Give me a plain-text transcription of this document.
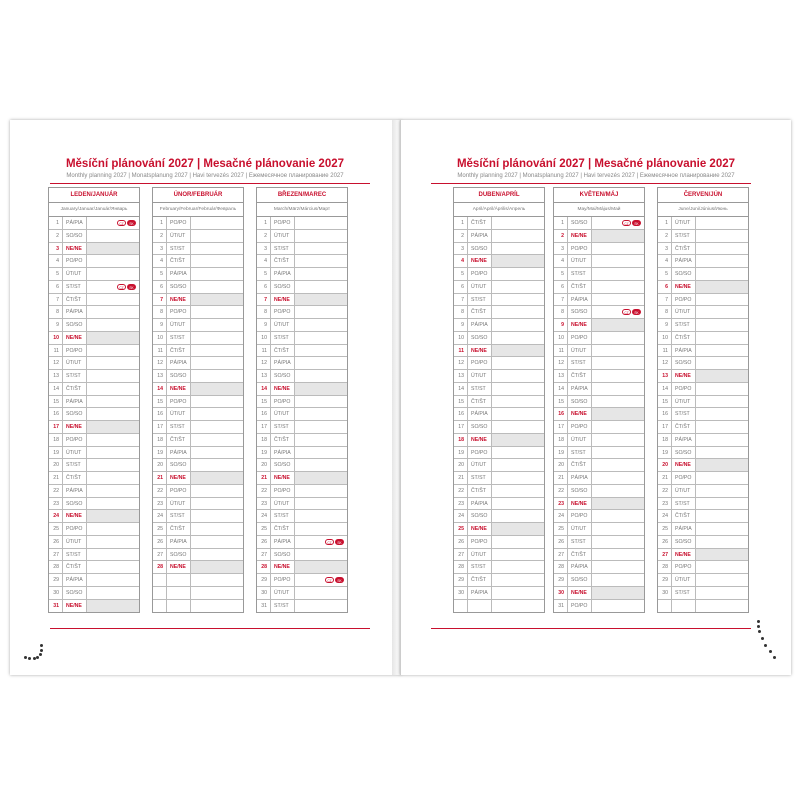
Měsíční plánování 2027 | Mesačné plánovanie 2027
Monthly planning 2027 | Monatsplanung 2027 | Havi tervezés 2027 | Ежемесячное планирование 2027
LEDEN/JANUÁR
January/Januar/Január/Январь
1	PÁ/PIA	CZ	SK
2	SO/SO
3	NE/NE
4	PO/PO
5	ÚT/UT
6	ST/ST	CZ	SK
7	ČT/ŠT
8	PÁ/PIA
9	SO/SO
10	NE/NE
11	PO/PO
12	ÚT/UT
13	ST/ST
14	ČT/ŠT
15	PÁ/PIA
16	SO/SO
17	NE/NE
18	PO/PO
19	ÚT/UT
20	ST/ST
21	ČT/ŠT
22	PÁ/PIA
23	SO/SO
24	NE/NE
25	PO/PO
26	ÚT/UT
27	ST/ST
28	ČT/ŠT
29	PÁ/PIA
30	SO/SO
31	NE/NE
ÚNOR/FEBRUÁR
February/Februar/Február/Февраль
1	PO/PO
2	ÚT/UT
3	ST/ST
4	ČT/ŠT
5	PÁ/PIA
6	SO/SO
7	NE/NE
8	PO/PO
9	ÚT/UT
10	ST/ST
11	ČT/ŠT
12	PÁ/PIA
13	SO/SO
14	NE/NE
15	PO/PO
16	ÚT/UT
17	ST/ST
18	ČT/ŠT
19	PÁ/PIA
20	SO/SO
21	NE/NE
22	PO/PO
23	ÚT/UT
24	ST/ST
25	ČT/ŠT
26	PÁ/PIA
27	SO/SO
28	NE/NE
BŘEZEN/MAREC
March/März/Március/Март
1	PO/PO
2	ÚT/UT
3	ST/ST
4	ČT/ŠT
5	PÁ/PIA
6	SO/SO
7	NE/NE
8	PO/PO
9	ÚT/UT
10	ST/ST
11	ČT/ŠT
12	PÁ/PIA
13	SO/SO
14	NE/NE
15	PO/PO
16	ÚT/UT
17	ST/ST
18	ČT/ŠT
19	PÁ/PIA
20	SO/SO
21	NE/NE
22	PO/PO
23	ÚT/UT
24	ST/ST
25	ČT/ŠT
26	PÁ/PIA	CZ	SK
27	SO/SO
28	NE/NE
29	PO/PO	CZ	SK
30	ÚT/UT
31	ST/ST
Měsíční plánování 2027 | Mesačné plánovanie 2027
Monthly planning 2027 | Monatsplanung 2027 | Havi tervezés 2027 | Ежемесячное планирование 2027
DUBEN/APRÍL
April/April/Április/Апрель
1	ČT/ŠT
2	PÁ/PIA
3	SO/SO
4	NE/NE
5	PO/PO
6	ÚT/UT
7	ST/ST
8	ČT/ŠT
9	PÁ/PIA
10	SO/SO
11	NE/NE
12	PO/PO
13	ÚT/UT
14	ST/ST
15	ČT/ŠT
16	PÁ/PIA
17	SO/SO
18	NE/NE
19	PO/PO
20	ÚT/UT
21	ST/ST
22	ČT/ŠT
23	PÁ/PIA
24	SO/SO
25	NE/NE
26	PO/PO
27	ÚT/UT
28	ST/ST
29	ČT/ŠT
30	PÁ/PIA
KVĚTEN/MÁJ
May/Mai/Május/Май
1	SO/SO	CZ	SK
2	NE/NE
3	PO/PO
4	ÚT/UT
5	ST/ST
6	ČT/ŠT
7	PÁ/PIA
8	SO/SO	CZ	SK
9	NE/NE
10	PO/PO
11	ÚT/UT
12	ST/ST
13	ČT/ŠT
14	PÁ/PIA
15	SO/SO
16	NE/NE
17	PO/PO
18	ÚT/UT
19	ST/ST
20	ČT/ŠT
21	PÁ/PIA
22	SO/SO
23	NE/NE
24	PO/PO
25	ÚT/UT
26	ST/ST
27	ČT/ŠT
28	PÁ/PIA
29	SO/SO
30	NE/NE
31	PO/PO
ČERVEN/JÚN
June/Juni/Június/Июнь
1	ÚT/UT
2	ST/ST
3	ČT/ŠT
4	PÁ/PIA
5	SO/SO
6	NE/NE
7	PO/PO
8	ÚT/UT
9	ST/ST
10	ČT/ŠT
11	PÁ/PIA
12	SO/SO
13	NE/NE
14	PO/PO
15	ÚT/UT
16	ST/ST
17	ČT/ŠT
18	PÁ/PIA
19	SO/SO
20	NE/NE
21	PO/PO
22	ÚT/UT
23	ST/ST
24	ČT/ŠT
25	PÁ/PIA
26	SO/SO
27	NE/NE
28	PO/PO
29	ÚT/UT
30	ST/ST
